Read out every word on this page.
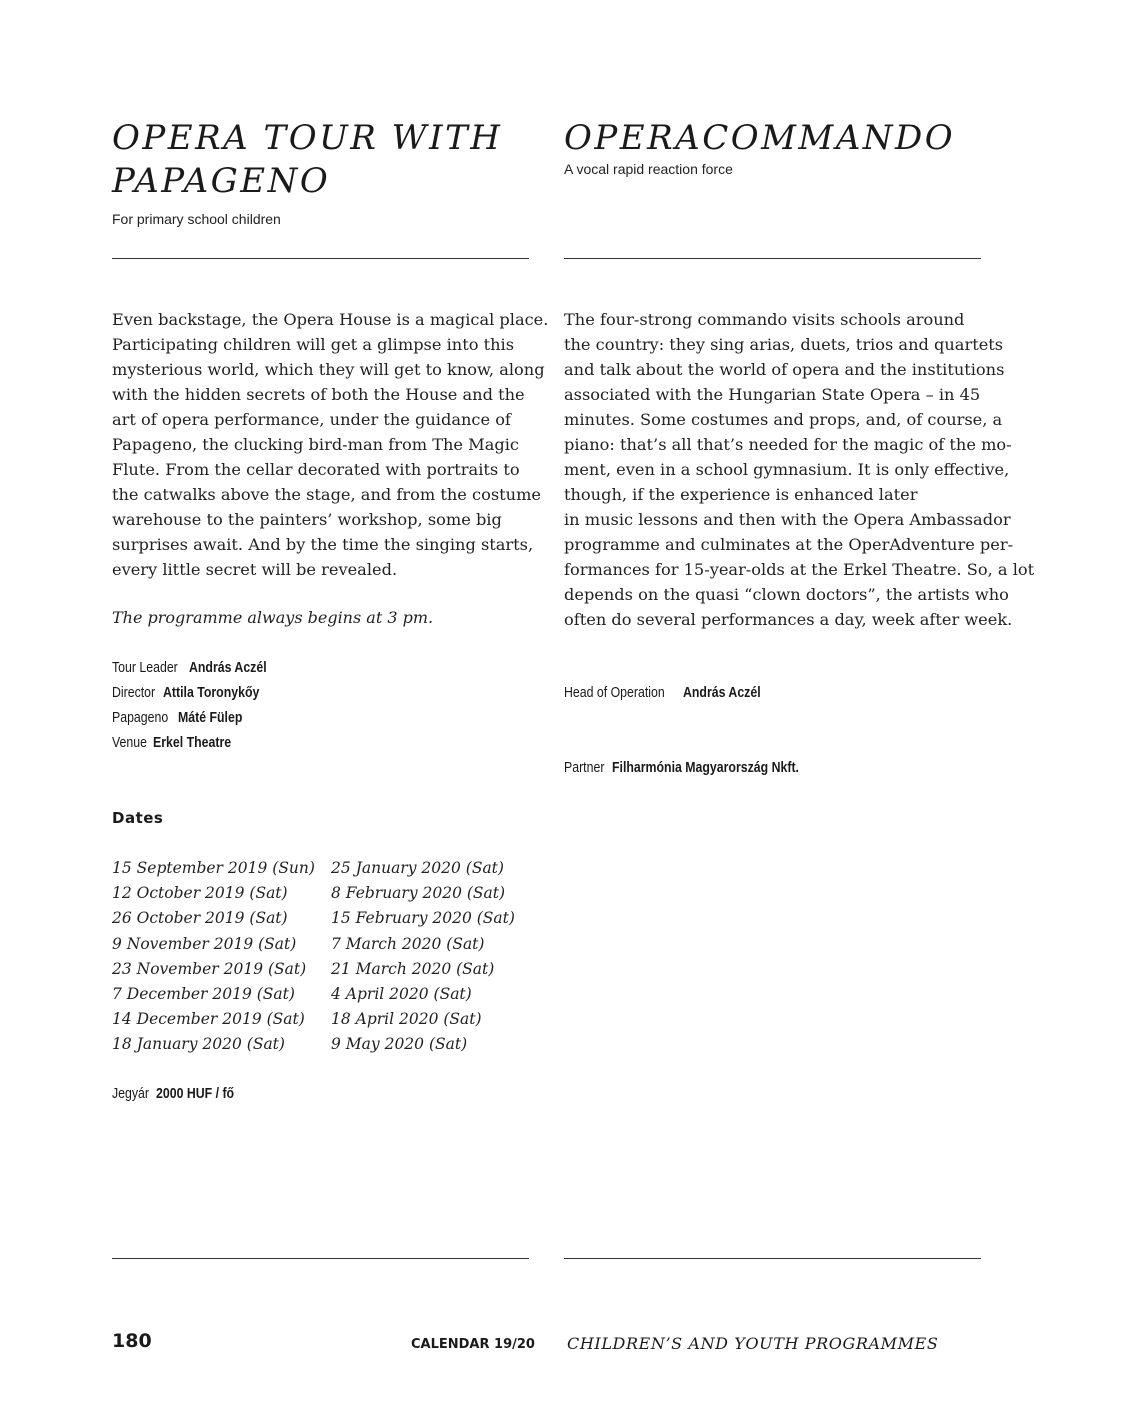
OPERA TOUR WITH
PAPAGENO
For primary school children
Even backstage, the Opera House is a magical place.
Participating children will get a glimpse into this
mysterious world, which they will get to know, along
with the hidden secrets of both the House and the
art of opera performance, under the guidance of
Papageno, the clucking bird-man from The Magic
Flute. From the cellar decorated with portraits to
the catwalks above the stage, and from the costume
warehouse to the painters’ workshop, some big
surprises await. And by the time the singing starts,
every little secret will be revealed.
The programme always begins at 3 pm.
Tour Leader András Aczél
Director Attila Toronykőy
Papageno Máté Fülep
Venue Erkel Theatre
Dates
15 September 2019 (Sun)
12 October 2019 (Sat)
26 October 2019 (Sat)
9 November 2019 (Sat)
23 November 2019 (Sat)
7 December 2019 (Sat)
14 December 2019 (Sat)
18 January 2020 (Sat)
25 January 2020 (Sat)
8 February 2020 (Sat)
15 February 2020 (Sat)
7 March 2020 (Sat)
21 March 2020 (Sat)
4 April 2020 (Sat)
18 April 2020 (Sat)
9 May 2020 (Sat)
Jegyár 2000 HUF / fő
OPERACOMMANDO
A vocal rapid reaction force
The four-strong commando visits schools around
the country: they sing arias, duets, trios and quartets
and talk about the world of opera and the institutions
associated with the Hungarian State Opera – in 45
minutes. Some costumes and props, and, of course, a
piano: that’s all that’s needed for the magic of the mo-
ment, even in a school gymnasium. It is only effective,
though, if the experience is enhanced later
in music lessons and then with the Opera Ambassador
programme and culminates at the OperAdventure per-
formances for 15-year-olds at the Erkel Theatre. So, a lot
depends on the quasi “clown doctors”, the artists who
often do several performances a day, week after week.
Head of Operation András Aczél
Partner Filharmónia Magyarország Nkft.
180	CALENDAR 19/20 CHILDREN’S AND YOUTH PROGRAMMES
